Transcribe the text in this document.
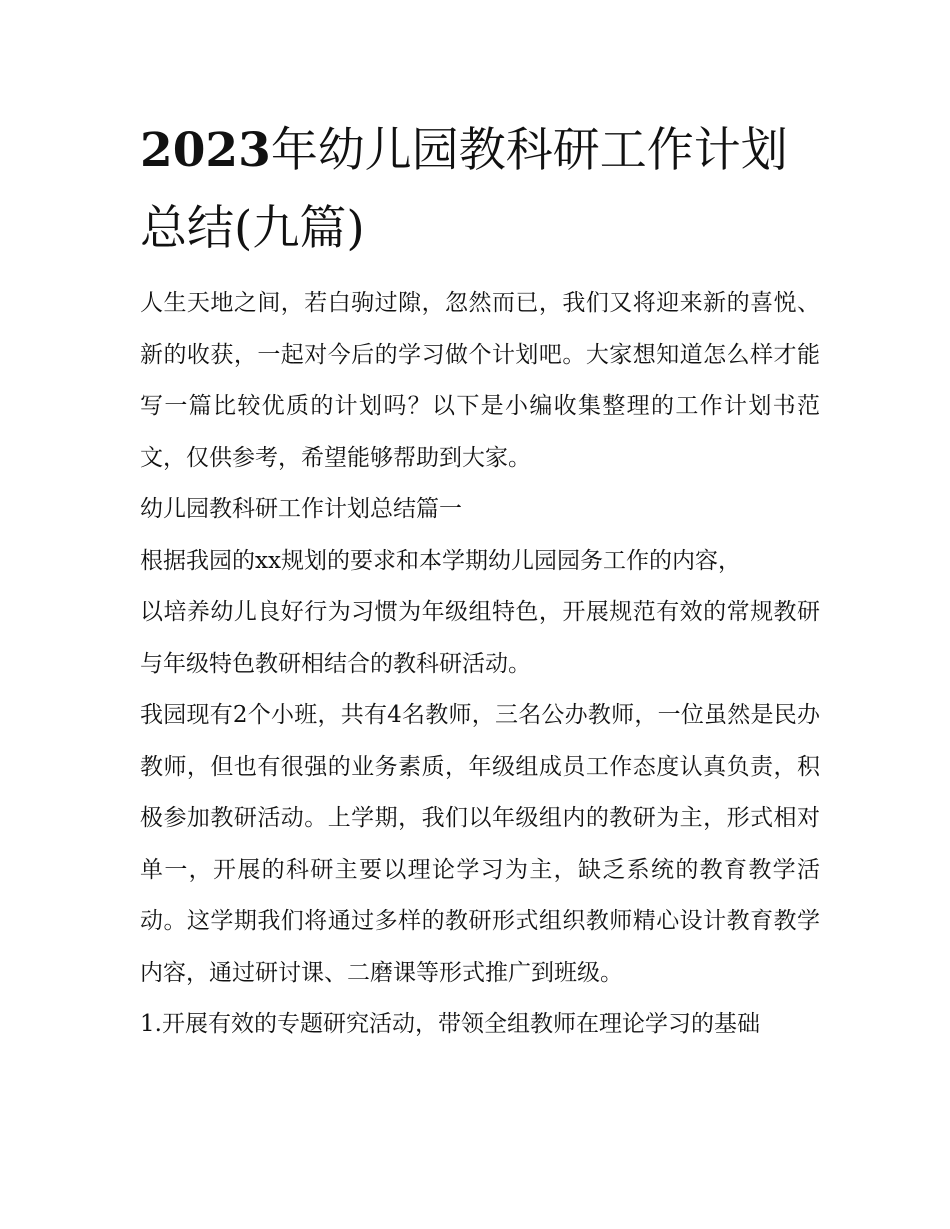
2023年幼儿园教科研工作计划总结(九篇)

人生天地之间，若白驹过隙，忽然而已，我们又将迎来新的喜悦、新的收获，一起对今后的学习做个计划吧。大家想知道怎么样才能写一篇比较优质的计划吗？以下是小编收集整理的工作计划书范文，仅供参考，希望能够帮助到大家。

幼儿园教科研工作计划总结篇一

根据我园的xx规划的要求和本学期幼儿园园务工作的内容，

以培养幼儿良好行为习惯为年级组特色，开展规范有效的常规教研与年级特色教研相结合的教科研活动。

我园现有2个小班，共有4名教师，三名公办教师，一位虽然是民办教师，但也有很强的业务素质，年级组成员工作态度认真负责，积极参加教研活动。上学期，我们以年级组内的教研为主，形式相对单一，开展的科研主要以理论学习为主，缺乏系统的教育教学活动。这学期我们将通过多样的教研形式组织教师精心设计教育教学内容，通过研讨课、二磨课等形式推广到班级。

1.开展有效的专题研究活动，带领全组教师在理论学习的基础
